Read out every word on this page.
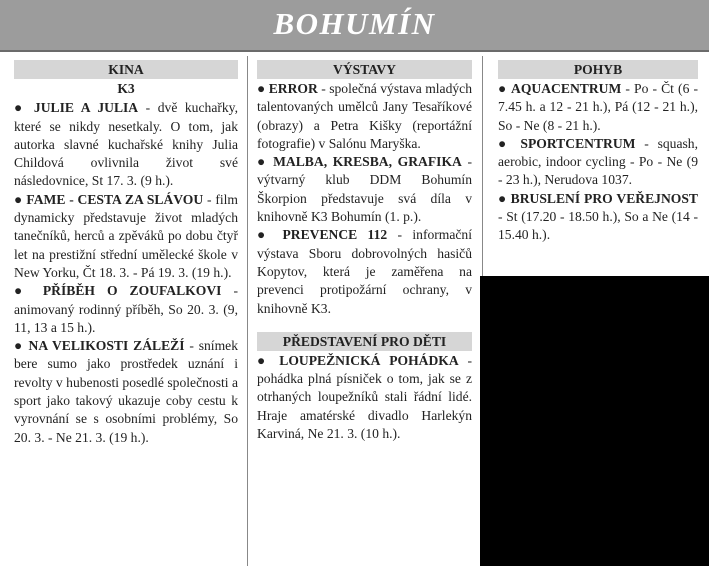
BOHUMÍN
KINA
K3

● JULIE A JULIA - dvě kuchařky, které se nikdy nesetkaly. O tom, jak autorka slavné kuchařské knihy Julia Childová ovlivnila život své následovnice, St 17. 3. (9 h.).

● FAME - CESTA ZA SLÁVOU - film dynamicky představuje život mladých tanečníků, herců a zpěváků po dobu čtyř let na prestižní střední umělecké škole v New Yorku, Čt 18. 3. - Pá 19. 3. (19 h.).

● PŘÍBĚH O ZOUFALKOVI - animovaný rodinný příběh, So 20. 3. (9, 11, 13 a 15 h.).

● NA VELIKOSTI ZÁLEŽÍ - snímek bere sumo jako prostředek uznání i revolty v hubenosti posedlé společnosti a sport jako takový ukazuje coby cestu k vyrovnání se s osobními problémy, So 20. 3. - Ne 21. 3. (19 h.).

VÝSTAVY

● ERROR - společná výstava mladých talentovaných umělců Jany Tesaříkové (obrazy) a Petra Kišky (reportážní fotografie) v Salónu Maryška.

● MALBA, KRESBA, GRAFIKA - výtvarný klub DDM Bohumín Škorpion představuje svá díla v knihovně K3 Bohumín (1. p.).

● PREVENCE 112 - informační výstava Sboru dobrovolných hasičů Kopytov, která je zaměřena na prevenci protipožární ochrany, v knihovně K3.

PŘEDSTAVENÍ PRO DĚTI

● LOUPEŽNICKÁ POHÁDKA - pohádka plná písniček o tom, jak se z otrhaných loupežníků stali řádní lidé. Hraje amatérské divadlo Harlekýn Karviná, Ne 21. 3. (10 h.).

POHYB

● AQUACENTRUM - Po - Čt (6 - 7.45 h. a 12 - 21 h.), Pá (12 - 21 h.), So - Ne (8 - 21 h.).

● SPORTCENTRUM - squash, aerobic, indoor cycling - Po - Ne (9 - 23 h.), Nerudova 1037.

● BRUSLENÍ PRO VEŘEJNOST - St (17.20 - 18.50 h.), So a Ne (14 - 15.40 h.).
